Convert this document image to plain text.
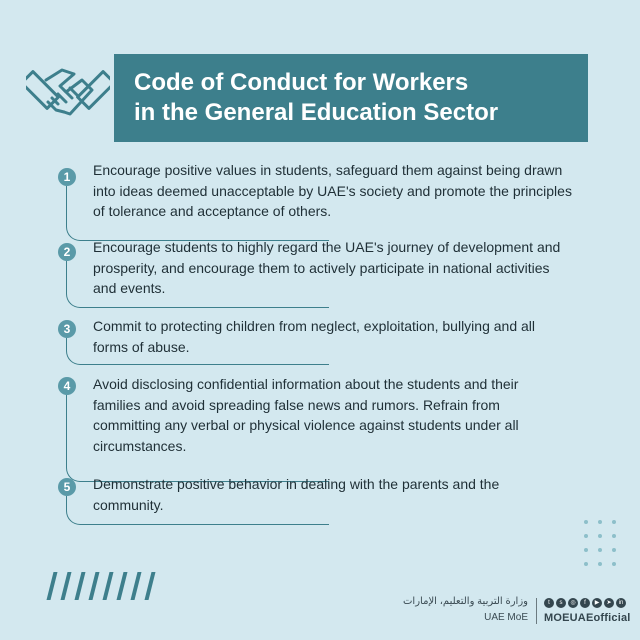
Code of Conduct for Workers
in the General Education Sector
1	Encourage positive values in students, safeguard them against being drawn
into ideas deemed unacceptable by UAE's society and promote the principles
of tolerance and acceptance of others.
2	Encourage students to highly regard the UAE's journey of development and
prosperity, and encourage them to actively participate in national activities
and events.
3	Commit to protecting children from neglect, exploitation, bullying and all
forms of abuse.
4	Avoid disclosing confidential information about the students and their
families and avoid spreading false news and rumors. Refrain from
committing any verbal or physical violence against students under all
circumstances.
5	Demonstrate positive behavior in dealing with the parents and the
community.
وزارة التربية والتعليم، الإمارات
UAE MoE
t	s	◎	f	▶	➤	in
MOEUAEofficial
